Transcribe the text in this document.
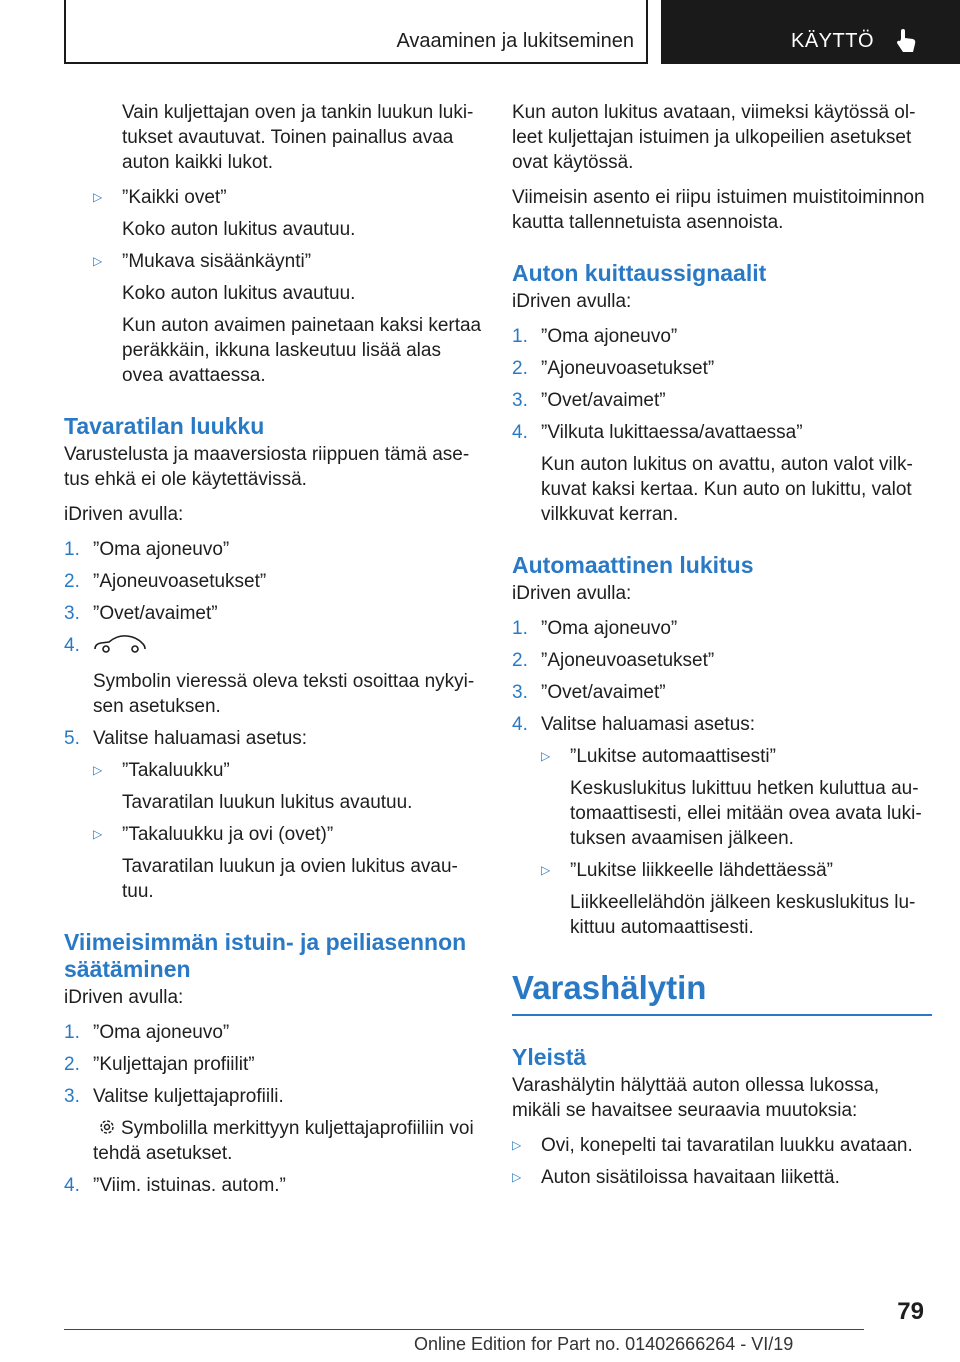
Avaaminen ja lukitseminen	KÄYTTÖ

Vain kuljettajan oven ja tankin luukun luki-tukset avautuvat. Toinen painallus avaa auton kaikki lukot.

▷	”Kaikki ovet”

Koko auton lukitus avautuu.

▷	”Mukava sisäänkäynti”

Koko auton lukitus avautuu.

Kun auton avaimen painetaan kaksi kertaa peräkkäin, ikkuna laskeutuu lisää alas ovea avattaessa.

Tavaratilan luukku

Varustelusta ja maaversiosta riippuen tämä ase-tus ehkä ei ole käytettävissä.

iDriven avulla:

1. ”Oma ajoneuvo”
2. ”Ajoneuvoasetukset”
3. ”Ovet/avaimet”
4.

Symbolin vieressä oleva teksti osoittaa nykyi-sen asetuksen.

5. Valitse haluamasi asetus:
▷	”Takaluukku”

Tavaratilan luukun lukitus avautuu.

▷	”Takaluukku ja ovi (ovet)”

Tavaratilan luukun ja ovien lukitus avau-tuu.

Viimeisimmän istuin- ja peiliasennon säätäminen

iDriven avulla:

1. ”Oma ajoneuvo”
2. ”Kuljettajan profiilit”
3. Valitse kuljettajaprofiili.

Symbolilla merkittyyn kuljettajaprofiiliin voi tehdä asetukset.

4. ”Viim. istuinas. autom.”

Kun auton lukitus avataan, viimeksi käytössä ol-leet kuljettajan istuimen ja ulkopeilien asetukset ovat käytössä.

Viimeisin asento ei riipu istuimen muistitoiminnon kautta tallennetuista asennoista.

Auton kuittaussignaalit

iDriven avulla:

1. ”Oma ajoneuvo”
2. ”Ajoneuvoasetukset”
3. ”Ovet/avaimet”
4. ”Vilkuta lukittaessa/avattaessa”

Kun auton lukitus on avattu, auton valot vilk-kuvat kaksi kertaa. Kun auto on lukittu, valot vilkkuvat kerran.

Automaattinen lukitus

iDriven avulla:

1. ”Oma ajoneuvo”
2. ”Ajoneuvoasetukset”
3. ”Ovet/avaimet”
4. Valitse haluamasi asetus:
▷	”Lukitse automaattisesti”

Keskuslukitus lukittuu hetken kuluttua au-tomaattisesti, ellei mitään ovea avata luki-tuksen avaamisen jälkeen.

▷	”Lukitse liikkeelle lähdettäessä”

Liikkeellelähdön jälkeen keskuslukitus lu-kittuu automaattisesti.

Varashälytin
Yleistä

Varashälytin hälyttää auton ollessa lukossa, mikäli se havaitsee seuraavia muutoksia:

▷	Ovi, konepelti tai tavaratilan luukku avataan.
▷	Auton sisätiloissa havaitaan liikettä.
79
Online Edition for Part no. 01402666264 - VI/19
